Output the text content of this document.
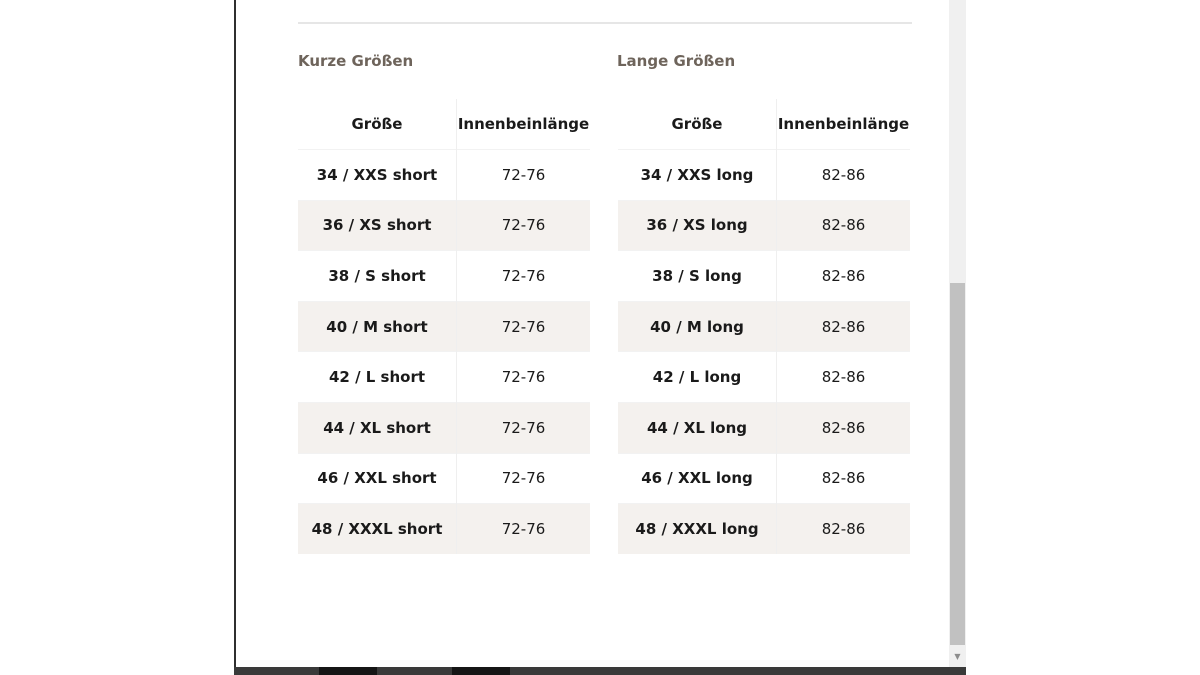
Kurze Größen	Lange Größen
Größe	Innenbeinlänge
34 / XXS short	72-76
36 / XS short	72-76
38 / S short	72-76
40 / M short	72-76
42 / L short	72-76
44 / XL short	72-76
46 / XXL short	72-76
48 / XXXL short	72-76
Größe	Innenbeinlänge
34 / XXS long	82-86
36 / XS long	82-86
38 / S long	82-86
40 / M long	82-86
42 / L long	82-86
44 / XL long	82-86
46 / XXL long	82-86
48 / XXXL long	82-86
▼
